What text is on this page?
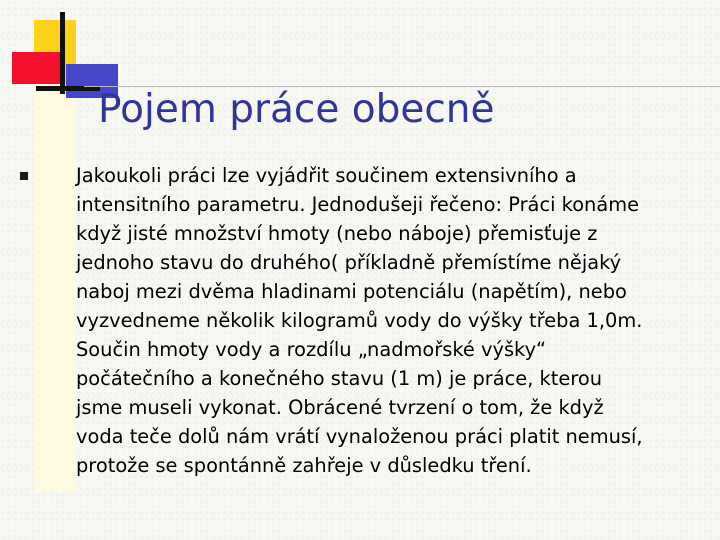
Pojem práce obecně

Jakoukoli práci lze vyjádřit součinem extensivního a
intensitního parametru. Jednodušeji řečeno: Práci konáme
když jisté množství hmoty (nebo náboje) přemisťuje z
jednoho stavu do druhého( příkladně přemístíme nějaký
naboj mezi dvěma hladinami potenciálu (napětím), nebo
vyzvedneme několik kilogramů vody do výšky třeba 1,0m.
Součin hmoty vody a rozdílu „nadmořské výšky“
počátečního a konečného stavu (1 m) je práce, kterou
jsme museli vykonat. Obrácené tvrzení o tom, že když
voda teče dolů nám vrátí vynaloženou práci platit nemusí,
protože se spontánně zahřeje v důsledku tření.
